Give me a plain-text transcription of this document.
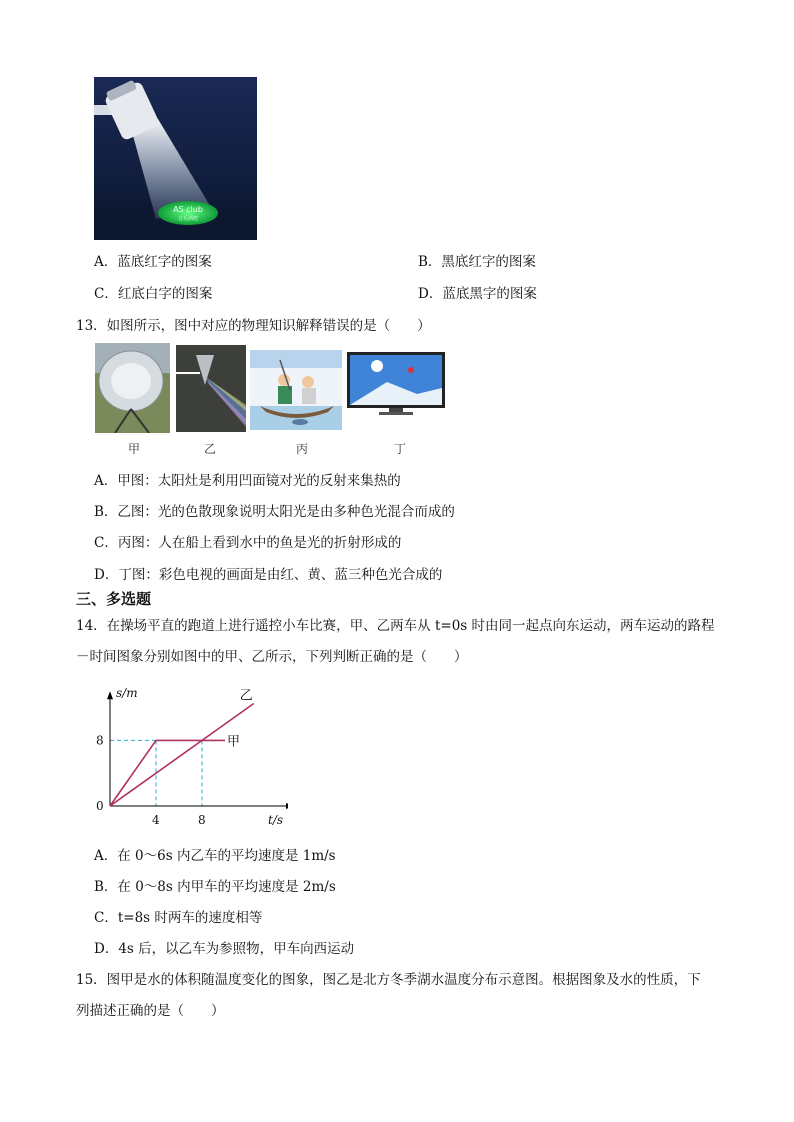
AS club
音乐酒吧
A．蓝底红字的图案	B．黑底红字的图案
C．红底白字的图案	D．蓝底黑字的图案
13．如图所示，图中对应的物理知识解释错误的是（　　）
甲	乙	丙	丁
A．甲图：太阳灶是利用凹面镜对光的反射来集热的
B．乙图：光的色散现象说明太阳光是由多种色光混合而成的
C．丙图：人在船上看到水中的鱼是光的折射形成的
D．丁图：彩色电视的画面是由红、黄、蓝三种色光合成的
三、多选题
14．在操场平直的跑道上进行遥控小车比赛，甲、乙两车从 t=0s 时由同一起点向东运动，两车运动的路程
－时间图象分别如图中的甲、乙所示，下列判断正确的是（　　）
甲
乙
0
4	8
8
t/s
s/m
A．在 0～6s 内乙车的平均速度是 1m/s
B．在 0～8s 内甲车的平均速度是 2m/s
C．t=8s 时两车的速度相等
D．4s 后，以乙车为参照物，甲车向西运动
15．图甲是水的体积随温度变化的图象，图乙是北方冬季湖水温度分布示意图。根据图象及水的性质，下
列描述正确的是（　　）
